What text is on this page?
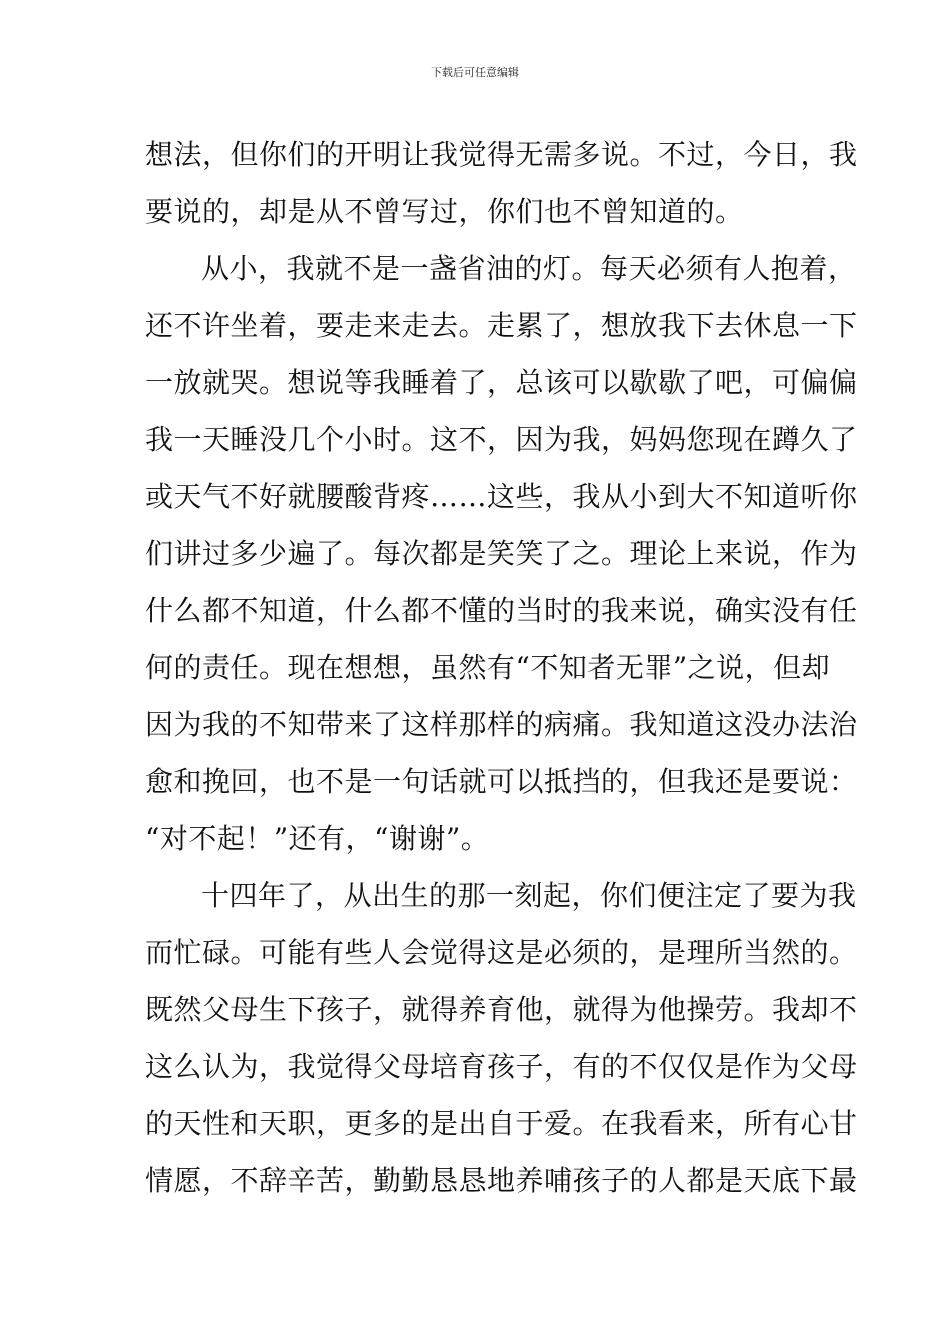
下载后可任意编辑
想法，但你们的开明让我觉得无需多说。不过，今日，我
要说的，却是从不曾写过，你们也不曾知道的。
从小，我就不是一盏省油的灯。每天必须有人抱着，
还不许坐着，要走来走去。走累了，想放我下去休息一下
一放就哭。想说等我睡着了，总该可以歇歇了吧，可偏偏
我一天睡没几个小时。这不，因为我，妈妈您现在蹲久了
或天气不好就腰酸背疼……这些，我从小到大不知道听你
们讲过多少遍了。每次都是笑笑了之。理论上来说，作为
什么都不知道，什么都不懂的当时的我来说，确实没有任
何的责任。现在想想，虽然有“不知者无罪”之说，但却
因为我的不知带来了这样那样的病痛。我知道这没办法治
愈和挽回，也不是一句话就可以抵挡的，但我还是要说：
“对不起！”还有，“谢谢”。
十四年了，从出生的那一刻起，你们便注定了要为我
而忙碌。可能有些人会觉得这是必须的，是理所当然的。
既然父母生下孩子，就得养育他，就得为他操劳。我却不
这么认为，我觉得父母培育孩子，有的不仅仅是作为父母
的天性和天职，更多的是出自于爱。在我看来，所有心甘
情愿，不辞辛苦，勤勤恳恳地养哺孩子的人都是天底下最
